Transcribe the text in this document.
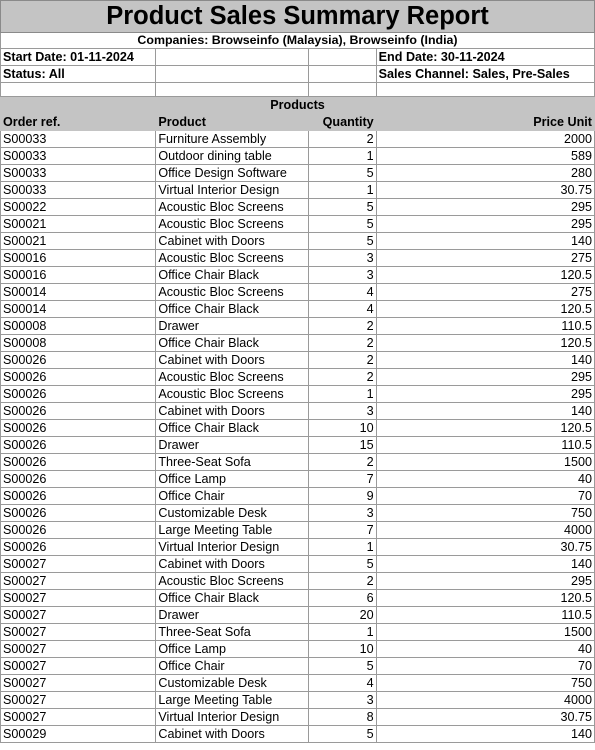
Product Sales Summary Report			
Companies: Browseinfo (Malaysia), Browseinfo (India)			
Start Date: 01-11-2024			End Date: 30-11-2024
Status: All			Sales Channel: Sales, Pre-Sales

Products			
Order ref.	Product	Quantity	Price Unit
S00033	Furniture Assembly	2	2000
S00033	Outdoor dining table	1	589
S00033	Office Design Software	5	280
S00033	Virtual Interior Design	1	30.75
S00022	Acoustic Bloc Screens	5	295
S00021	Acoustic Bloc Screens	5	295
S00021	Cabinet with Doors	5	140
S00016	Acoustic Bloc Screens	3	275
S00016	Office Chair Black	3	120.5
S00014	Acoustic Bloc Screens	4	275
S00014	Office Chair Black	4	120.5
S00008	Drawer	2	110.5
S00008	Office Chair Black	2	120.5
S00026	Cabinet with Doors	2	140
S00026	Acoustic Bloc Screens	2	295
S00026	Acoustic Bloc Screens	1	295
S00026	Cabinet with Doors	3	140
S00026	Office Chair Black	10	120.5
S00026	Drawer	15	110.5
S00026	Three-Seat Sofa	2	1500
S00026	Office Lamp	7	40
S00026	Office Chair	9	70
S00026	Customizable Desk	3	750
S00026	Large Meeting Table	7	4000
S00026	Virtual Interior Design	1	30.75
S00027	Cabinet with Doors	5	140
S00027	Acoustic Bloc Screens	2	295
S00027	Office Chair Black	6	120.5
S00027	Drawer	20	110.5
S00027	Three-Seat Sofa	1	1500
S00027	Office Lamp	10	40
S00027	Office Chair	5	70
S00027	Customizable Desk	4	750
S00027	Large Meeting Table	3	4000
S00027	Virtual Interior Design	8	30.75
S00029	Cabinet with Doors	5	140
